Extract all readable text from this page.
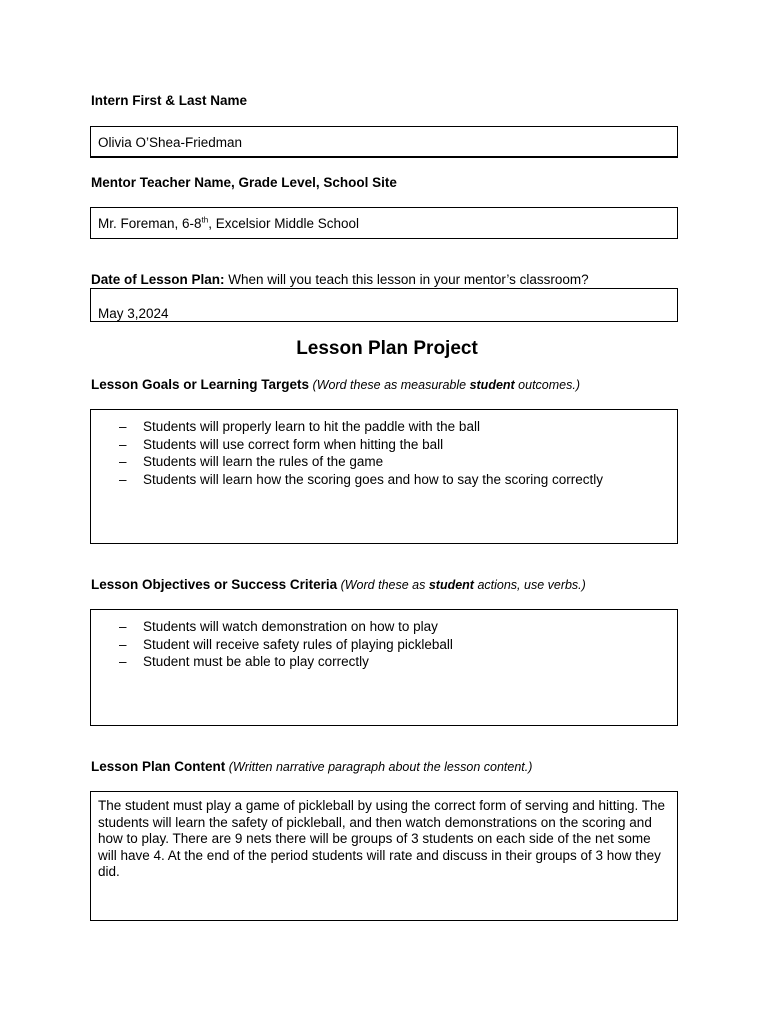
Intern First & Last Name
Olivia O’Shea-Friedman
Mentor Teacher Name, Grade Level, School Site
Mr. Foreman, 6-8th, Excelsior Middle School
Date of Lesson Plan: When will you teach this lesson in your mentor’s classroom?
May 3,2024
Lesson Plan Project
Lesson Goals or Learning Targets (Word these as measurable student outcomes.)
– Students will properly learn to hit the paddle with the ball
– Students will use correct form when hitting the ball
– Students will learn the rules of the game
– Students will learn how the scoring goes and how to say the scoring correctly
Lesson Objectives or Success Criteria (Word these as student actions, use verbs.)
– Students will watch demonstration on how to play
– Student will receive safety rules of playing pickleball
– Student must be able to play correctly
Lesson Plan Content (Written narrative paragraph about the lesson content.)
The student must play a game of pickleball by using the correct form of serving and hitting. The students will learn the safety of pickleball, and then watch demonstrations on the scoring and how to play. There are 9 nets there will be groups of 3 students on each side of the net some will have 4. At the end of the period students will rate and discuss in their groups of 3 how they did.
